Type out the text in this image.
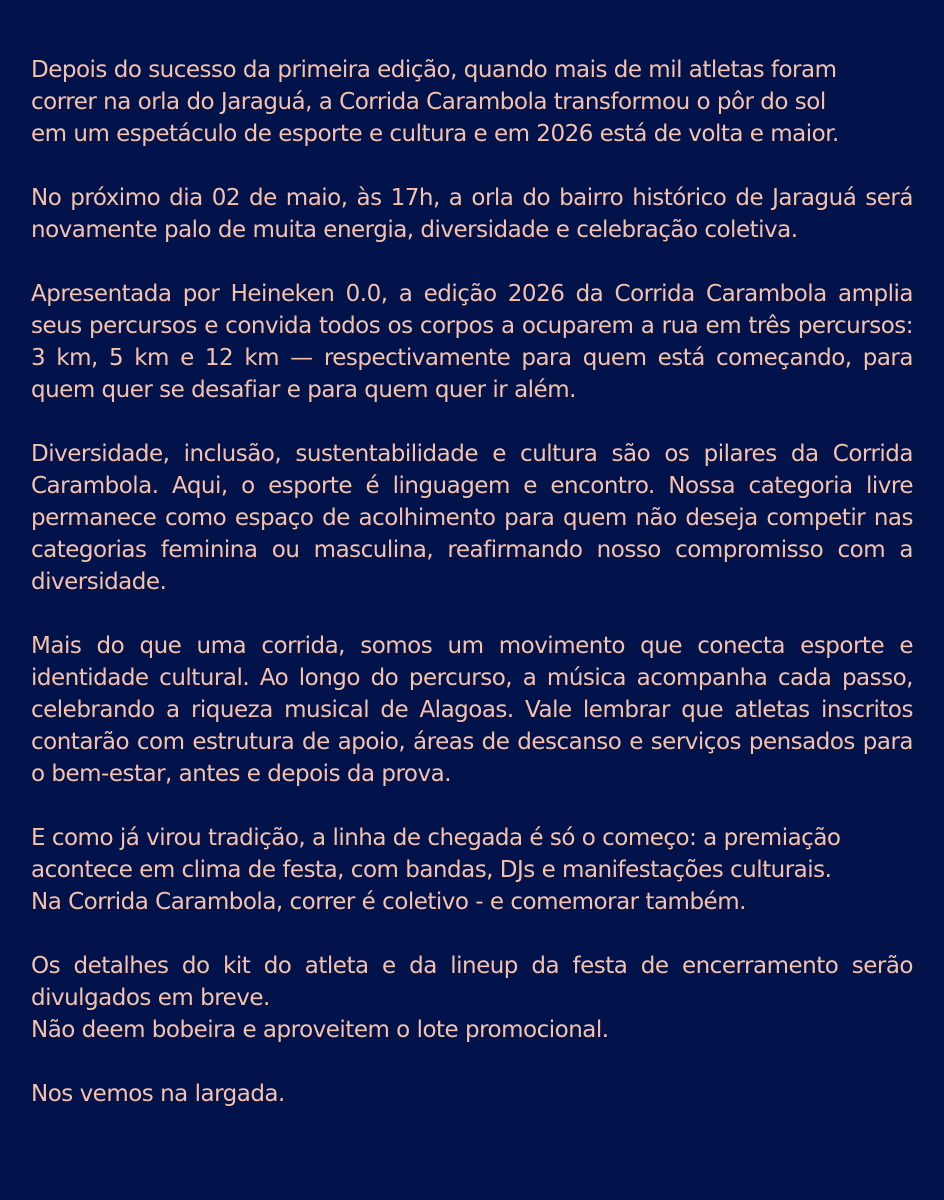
Depois do sucesso da primeira edição, quando mais de mil atletas foram
correr na orla do Jaraguá, a Corrida Carambola transformou o pôr do sol
em um espetáculo de esporte e cultura e em 2026 está de volta e maior.

No próximo dia 02 de maio, às 17h, a orla do bairro histórico de Jaraguá será novamente palo de muita energia, diversidade e celebração coletiva.

Apresentada por Heineken 0.0, a edição 2026 da Corrida Carambola amplia seus percursos e convida todos os corpos a ocuparem a rua em três percursos: 3 km, 5 km e 12 km — respectivamente para quem está começando, para quem quer se desafiar e para quem quer ir além.

Diversidade, inclusão, sustentabilidade e cultura são os pilares da Corrida Carambola. Aqui, o esporte é linguagem e encontro. Nossa categoria livre permanece como espaço de acolhimento para quem não deseja competir nas categorias feminina ou masculina, reafirmando nosso compromisso com a diversidade.

Mais do que uma corrida, somos um movimento que conecta esporte e identidade cultural. Ao longo do percurso, a música acompanha cada passo, celebrando a riqueza musical de Alagoas. Vale lembrar que atletas inscritos contarão com estrutura de apoio, áreas de descanso e serviços pensados para o bem-estar, antes e depois da prova.

E como já virou tradição, a linha de chegada é só o começo: a premiação
acontece em clima de festa, com bandas, DJs e manifestações culturais.
Na Corrida Carambola, correr é coletivo - e comemorar também.

Os detalhes do kit do atleta e da lineup da festa de encerramento serão divulgados em breve.

Não deem bobeira e aproveitem o lote promocional.

Nos vemos na largada.
